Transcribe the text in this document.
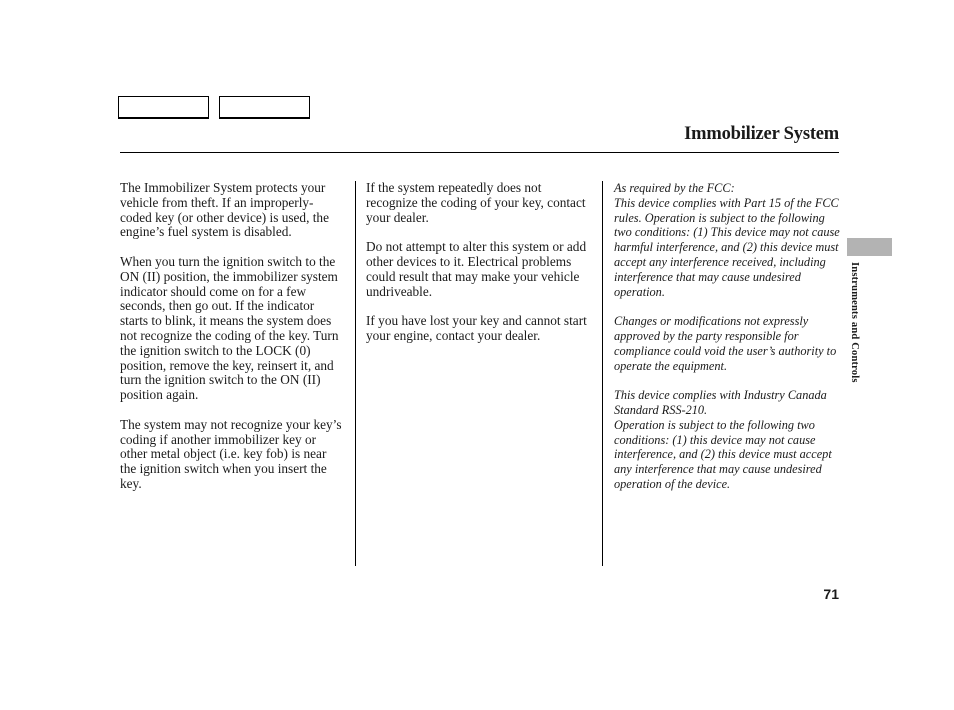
Immobilizer System

The Immobilizer System protects your vehicle from theft. If an improperly-coded key (or other device) is used, the engine’s fuel system is disabled.

When you turn the ignition switch to the ON (II) position, the immobilizer system indicator should come on for a few seconds, then go out. If the indicator starts to blink, it means the system does not recognize the coding of the key. Turn the ignition switch to the LOCK (0) position, remove the key, reinsert it, and turn the ignition switch to the ON (II) position again.

The system may not recognize your key’s coding if another immobilizer key or other metal object (i.e. key fob) is near the ignition switch when you insert the key.

If the system repeatedly does not recognize the coding of your key, contact your dealer.

Do not attempt to alter this system or add other devices to it. Electrical problems could result that may make your vehicle undriveable.

If you have lost your key and cannot start your engine, contact your dealer.

As required by the FCC:
This device complies with Part 15 of the FCC rules. Operation is subject to the following two conditions: (1) This device may not cause harmful interference, and (2) this device must accept any interference received, including interference that may cause undesired operation.

Changes or modifications not expressly approved by the party responsible for compliance could void the user’s authority to operate the equipment.

This device complies with Industry Canada Standard RSS-210.
Operation is subject to the following two conditions: (1) this device may not cause interference, and (2) this device must accept any interference that may cause undesired operation of the device.

Instruments and Controls
71
